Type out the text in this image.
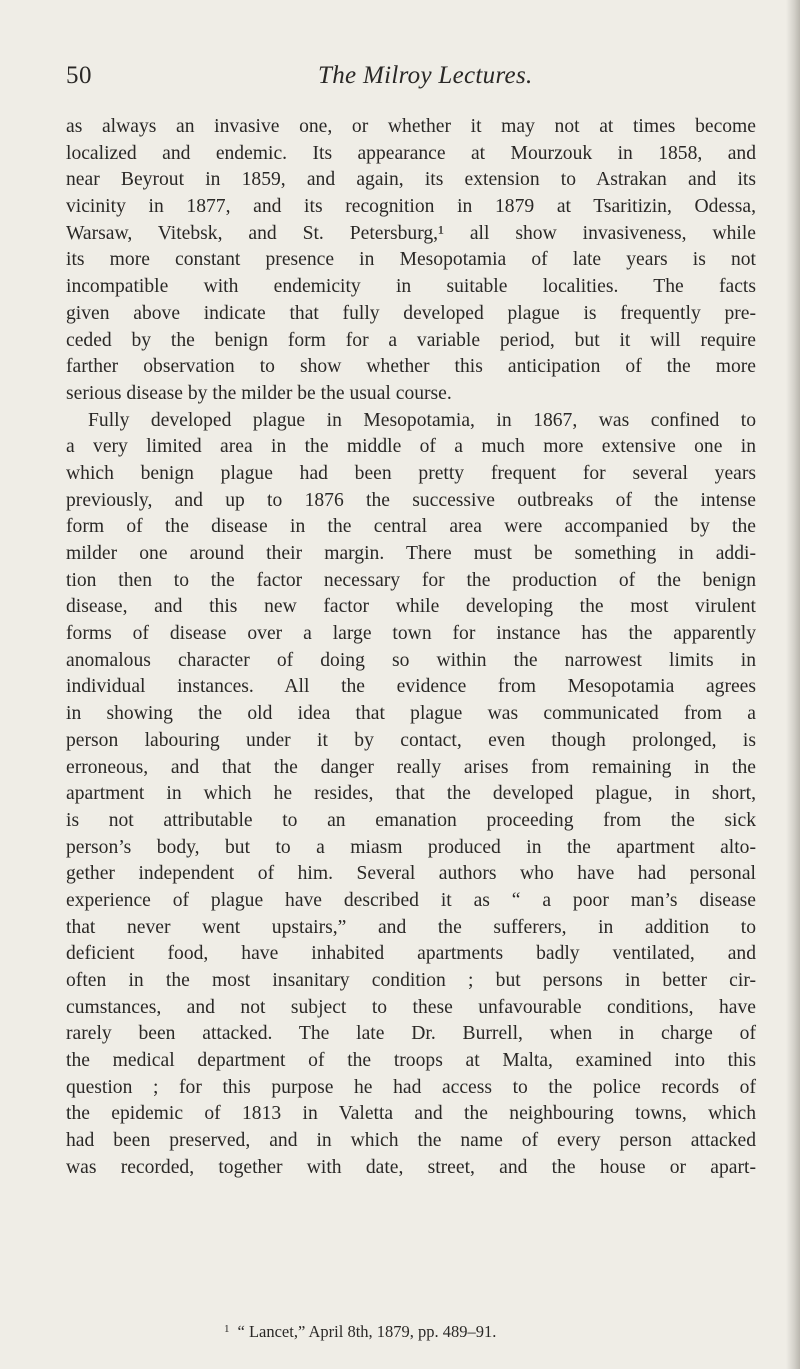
50	The Milroy Lectures.
as always an invasive one, or whether it may not at times become
localized and endemic. Its appearance at Mourzouk in 1858, and
near Beyrout in 1859, and again, its extension to Astrakan and its
vicinity in 1877, and its recognition in 1879 at Tsaritizin, Odessa,
Warsaw, Vitebsk, and St. Petersburg,¹ all show invasiveness, while
its more constant presence in Mesopotamia of late years is not
incompatible with endemicity in suitable localities. The facts
given above indicate that fully developed plague is frequently pre-
ceded by the benign form for a variable period, but it will require
farther observation to show whether this anticipation of the more
serious disease by the milder be the usual course.
Fully developed plague in Mesopotamia, in 1867, was confined to
a very limited area in the middle of a much more extensive one in
which benign plague had been pretty frequent for several years
previously, and up to 1876 the successive outbreaks of the intense
form of the disease in the central area were accompanied by the
milder one around their margin. There must be something in addi-
tion then to the factor necessary for the production of the benign
disease, and this new factor while developing the most virulent
forms of disease over a large town for instance has the apparently
anomalous character of doing so within the narrowest limits in
individual instances. All the evidence from Mesopotamia agrees
in showing the old idea that plague was communicated from a
person labouring under it by contact, even though prolonged, is
erroneous, and that the danger really arises from remaining in the
apartment in which he resides, that the developed plague, in short,
is not attributable to an emanation proceeding from the sick
person’s body, but to a miasm produced in the apartment alto-
gether independent of him. Several authors who have had personal
experience of plague have described it as “ a poor man’s disease
that never went upstairs,” and the sufferers, in addition to
deficient food, have inhabited apartments badly ventilated, and
often in the most insanitary condition ; but persons in better cir-
cumstances, and not subject to these unfavourable conditions, have
rarely been attacked. The late Dr. Burrell, when in charge of
the medical department of the troops at Malta, examined into this
question ; for this purpose he had access to the police records of
the epidemic of 1813 in Valetta and the neighbouring towns, which
had been preserved, and in which the name of every person attacked
was recorded, together with date, street, and the house or apart-
$^1$ “ Lancet,” April 8th, 1879, pp. 489–91.
